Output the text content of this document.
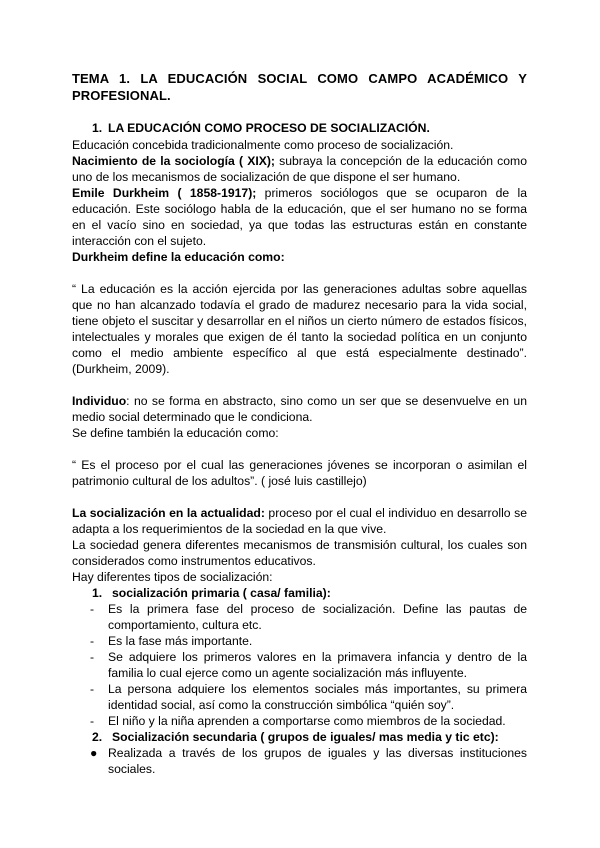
TEMA 1. LA EDUCACIÓN SOCIAL COMO CAMPO ACADÉMICO Y PROFESIONAL.

1. LA EDUCACIÓN COMO PROCESO DE SOCIALIZACIÓN.

Educación concebida tradicionalmente como proceso de socialización.

Nacimiento de la sociología ( XIX); subraya la concepción de la educación como uno de los mecanismos de socialización de que dispone el ser humano.

Emile Durkheim ( 1858-1917); primeros sociólogos que se ocuparon de la educación. Este sociólogo habla de la educación, que el ser humano no se forma en el vacío sino en sociedad, ya que todas las estructuras están en constante interacción con el sujeto.

Durkheim define la educación como:

“ La educación es la acción ejercida por las generaciones adultas sobre aquellas que no han alcanzado todavía el grado de madurez necesario para la vida social, tiene objeto el suscitar y desarrollar en el niños un cierto número de estados físicos, intelectuales y morales que exigen de él tanto la sociedad política en un conjunto como el medio ambiente específico al que está especialmente destinado”. (Durkheim, 2009).

Individuo: no se forma en abstracto, sino como un ser que se desenvuelve en un medio social determinado que le condiciona.

Se define también la educación como:

“ Es el proceso por el cual las generaciones jóvenes se incorporan o asimilan el patrimonio cultural de los adultos”. ( josé luis castillejo)

La socialización en la actualidad: proceso por el cual el individuo en desarrollo se adapta a los requerimientos de la sociedad en la que vive.

La sociedad genera diferentes mecanismos de transmisión cultural, los cuales son considerados como instrumentos educativos.

Hay diferentes tipos de socialización:

1. socialización primaria ( casa/ familia):

- Es la primera fase del proceso de socialización. Define las pautas de comportamiento, cultura etc.

- Es la fase más importante.

- Se adquiere los primeros valores en la primavera infancia y dentro de la familia lo cual ejerce como un agente socialización más influyente.

- La persona adquiere los elementos sociales más importantes, su primera identidad social, así como la construcción simbólica “quién soy”.

- El niño y la niña aprenden a comportarse como miembros de la sociedad.

2. Socialización secundaria ( grupos de iguales/ mas media y tic etc):

● Realizada a través de los grupos de iguales y las diversas instituciones sociales.
